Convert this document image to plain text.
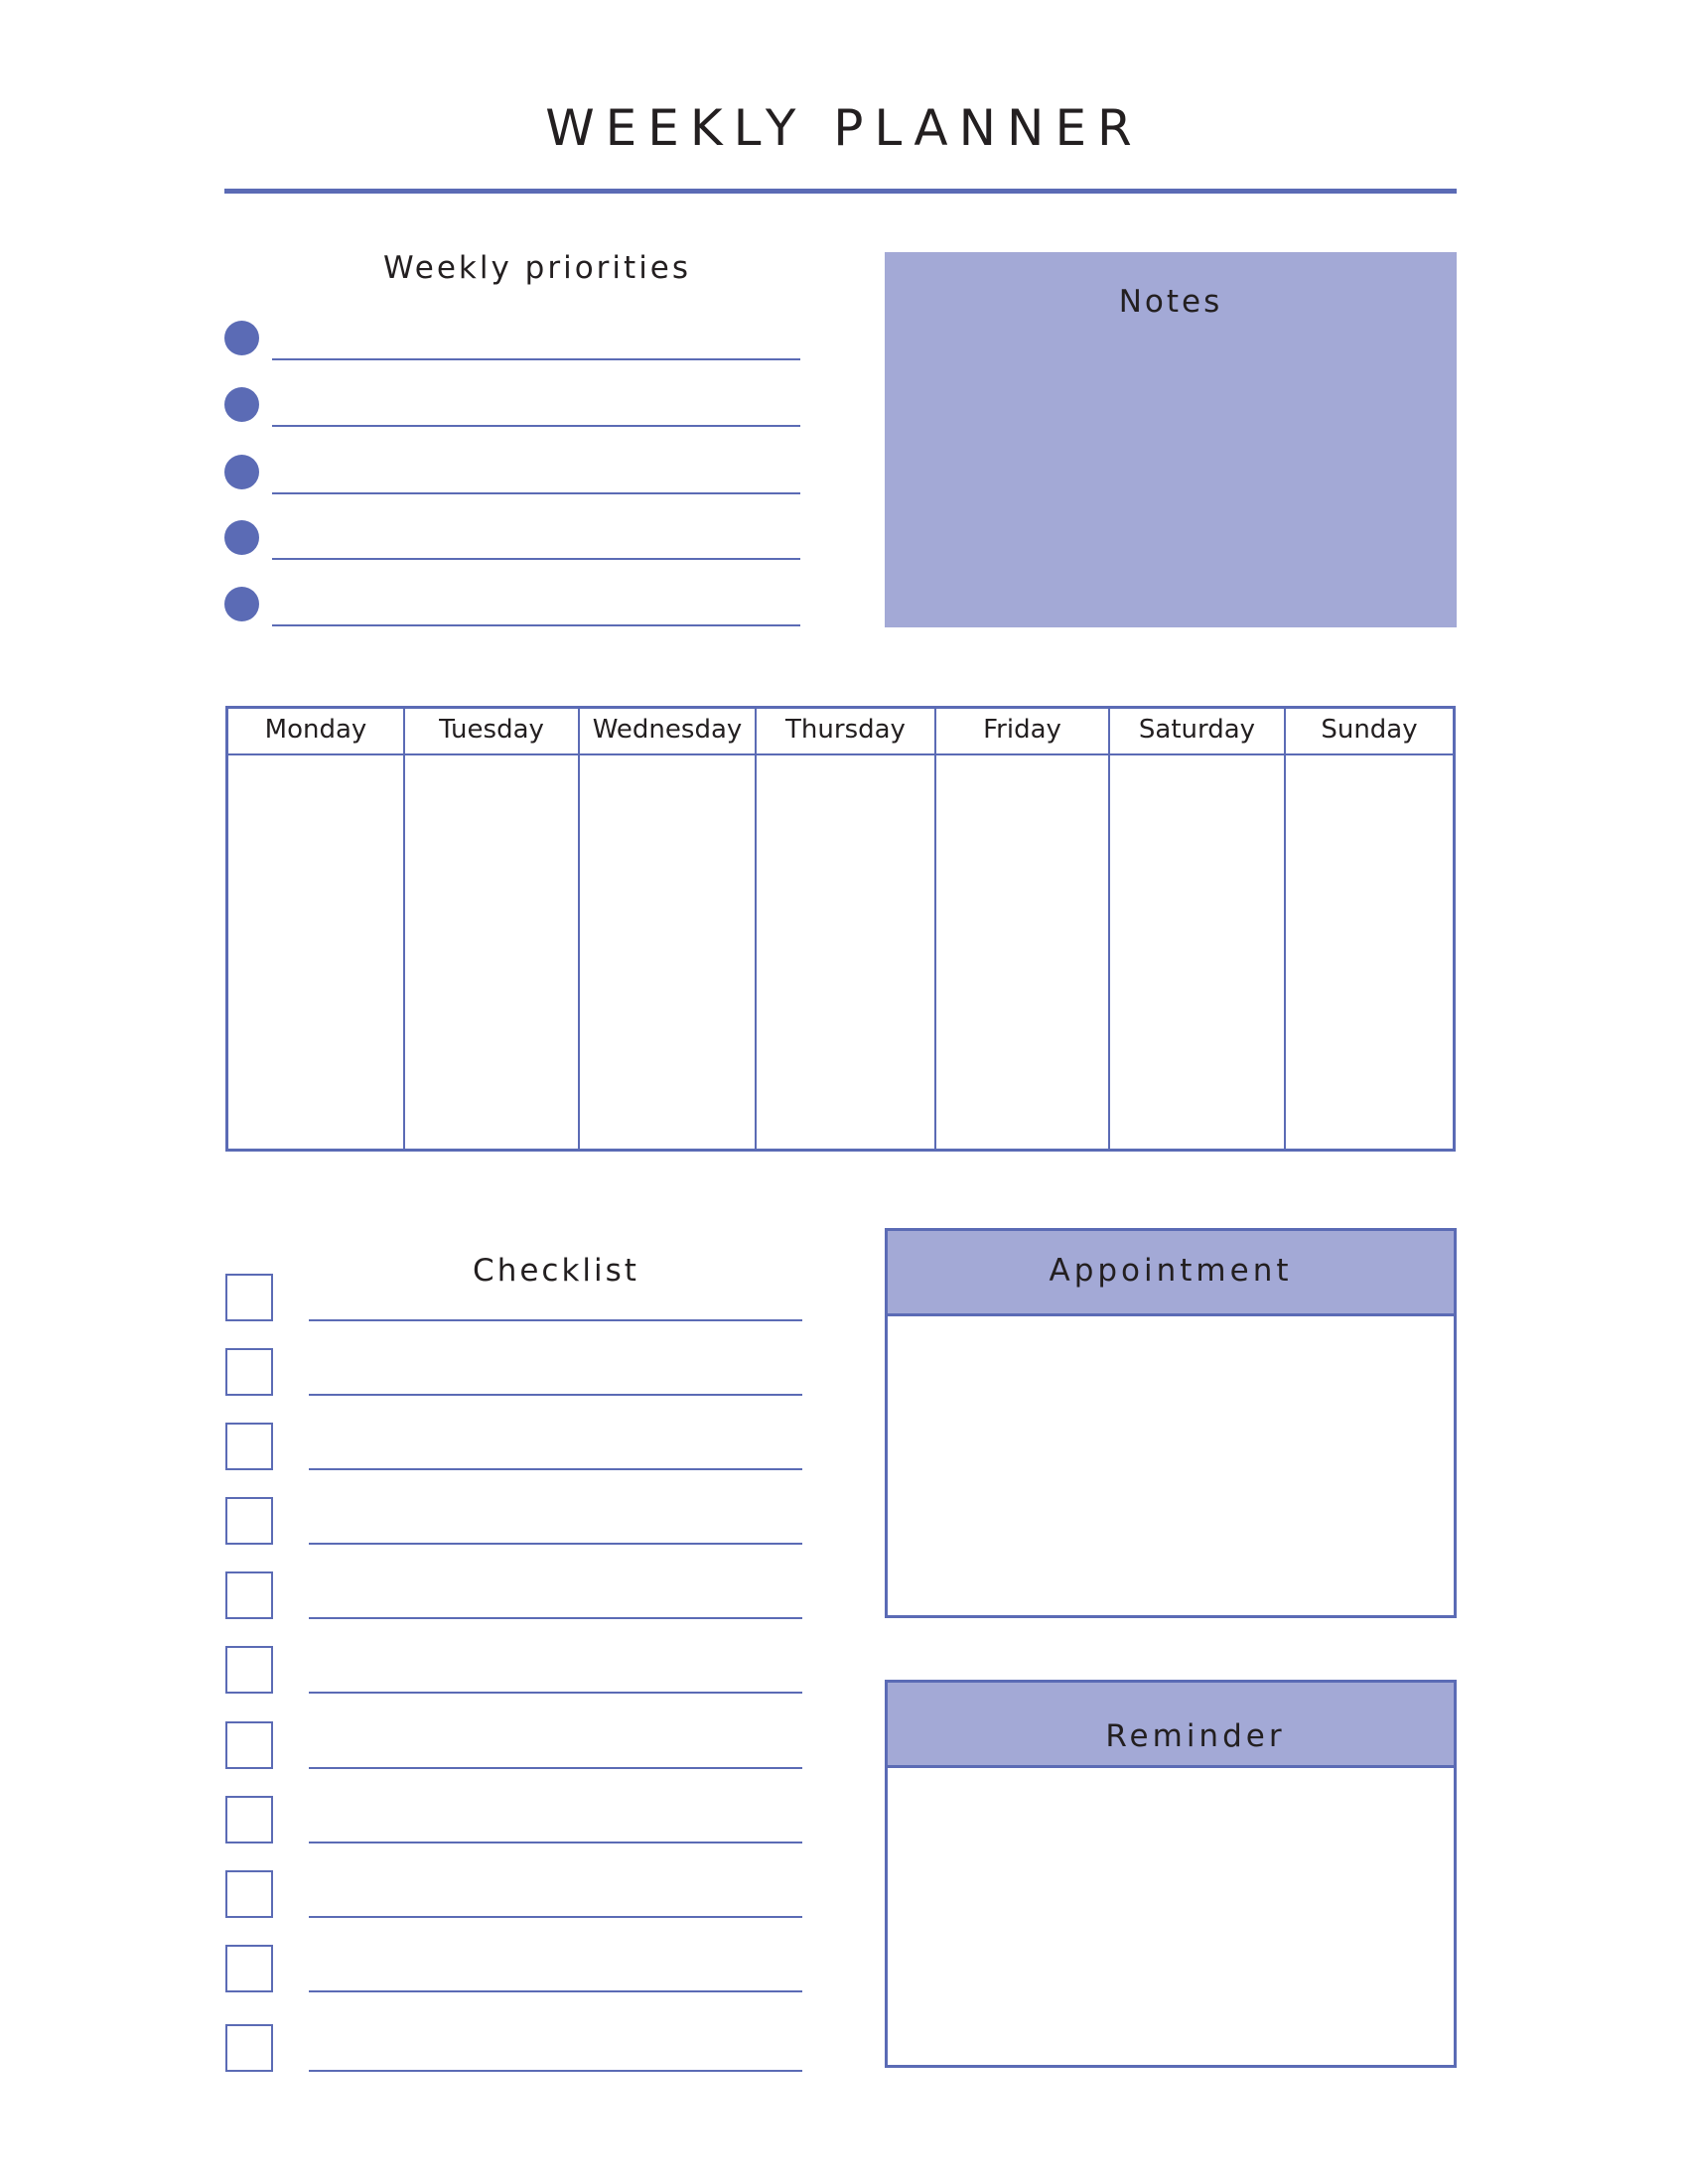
WEEKLY PLANNER
Weekly priorities
Notes
Monday	Tuesday	Wednesday	Thursday	Friday	Saturday	Sunday
Checklist	Appointment
Reminder
